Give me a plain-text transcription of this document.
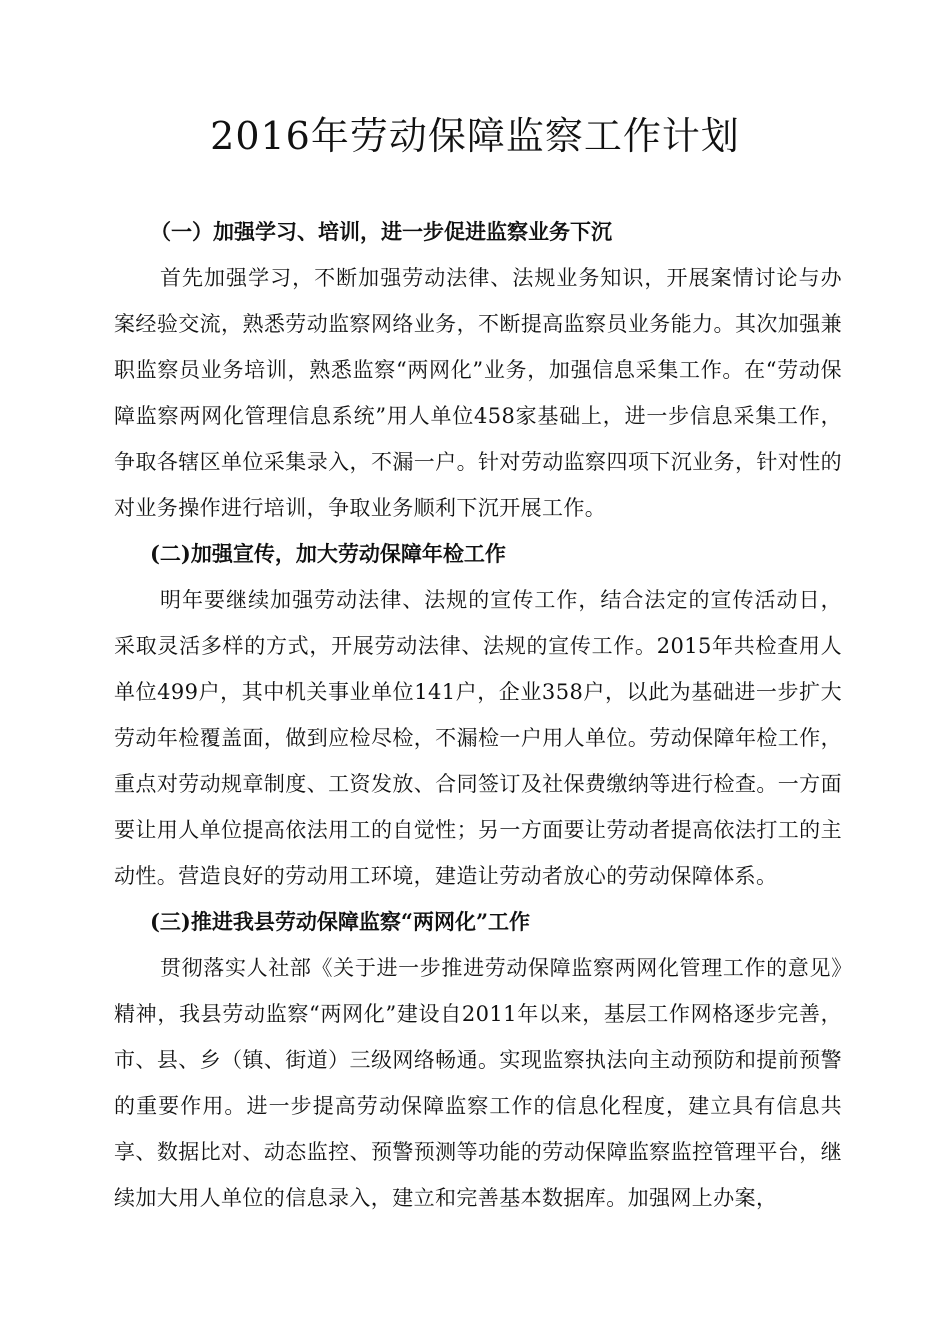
2016年劳动保障监察工作计划

（一）加强学习、培训，进一步促进监察业务下沉

首先加强学习，不断加强劳动法律、法规业务知识，开展案情讨论与办案经验交流，熟悉劳动监察网络业务，不断提高监察员业务能力。其次加强兼职监察员业务培训，熟悉监察“两网化”业务，加强信息采集工作。在“劳动保障监察两网化管理信息系统”用人单位458家基础上，进一步信息采集工作，争取各辖区单位采集录入，不漏一户。针对劳动监察四项下沉业务，针对性的对业务操作进行培训，争取业务顺利下沉开展工作。

(二)加强宣传，加大劳动保障年检工作

明年要继续加强劳动法律、法规的宣传工作，结合法定的宣传活动日，采取灵活多样的方式，开展劳动法律、法规的宣传工作。2015年共检查用人单位499户，其中机关事业单位141户，企业358户，以此为基础进一步扩大劳动年检覆盖面，做到应检尽检，不漏检一户用人单位。劳动保障年检工作，重点对劳动规章制度、工资发放、合同签订及社保费缴纳等进行检查。一方面要让用人单位提高依法用工的自觉性；另一方面要让劳动者提高依法打工的主动性。营造良好的劳动用工环境，建造让劳动者放心的劳动保障体系。

(三)推进我县劳动保障监察“两网化”工作

贯彻落实人社部《关于进一步推进劳动保障监察两网化管理工作的意见》精神，我县劳动监察“两网化”建设自2011年以来，基层工作网格逐步完善，市、县、乡（镇、街道）三级网络畅通。实现监察执法向主动预防和提前预警的重要作用。进一步提高劳动保障监察工作的信息化程度，建立具有信息共享、数据比对、动态监控、预警预测等功能的劳动保障监察监控管理平台，继续加大用人单位的信息录入，建立和完善基本数据库。加强网上办案，
